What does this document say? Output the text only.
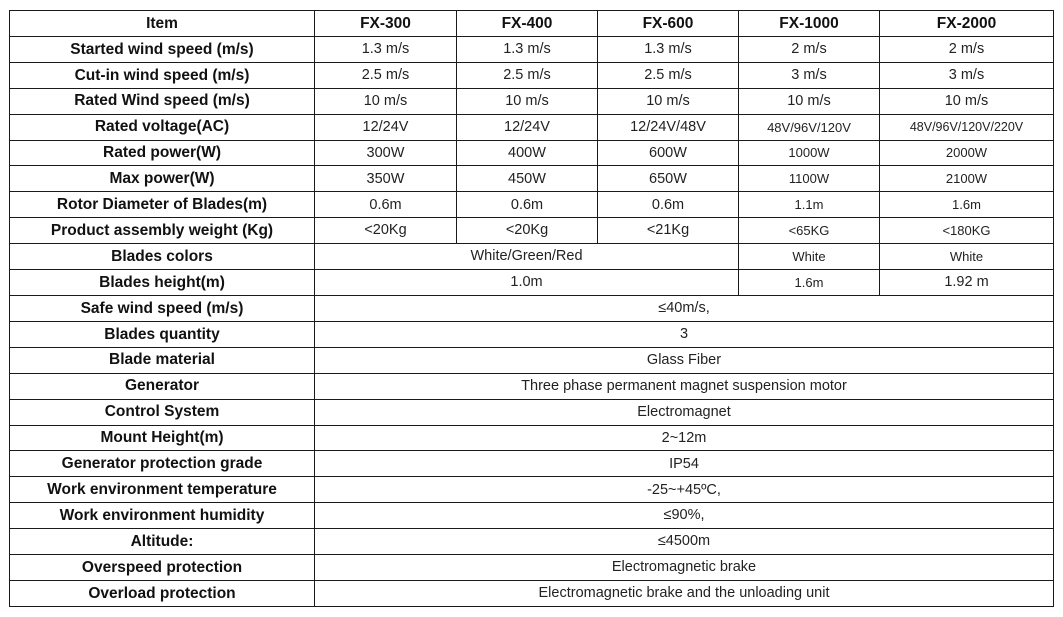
Item	FX-300	FX-400	FX-600	FX-1000	FX-2000
Started wind speed (m/s)	1.3 m/s	1.3 m/s	1.3 m/s	2 m/s	2 m/s
Cut-in wind speed (m/s)	2.5 m/s	2.5 m/s	2.5 m/s	3 m/s	3 m/s
Rated Wind speed (m/s)	10 m/s	10 m/s	10 m/s	10 m/s	10 m/s
Rated voltage(AC)	12/24V	12/24V	12/24V/48V	48V/96V/120V	48V/96V/120V/220V
Rated power(W)	300W	400W	600W	1000W	2000W
Max power(W)	350W	450W	650W	1100W	2100W
Rotor Diameter of Blades(m)	0.6m	0.6m	0.6m	1.1m	1.6m
Product assembly weight (Kg)	<20Kg	<20Kg	<21Kg	<65KG	<180KG
Blades colors	White/Green/Red			White	White
Blades height(m)	1.0m			1.6m	1.92 m
Safe wind speed (m/s)	≤40m/s,				
Blades quantity	3				
Blade material	Glass Fiber				
Generator	Three phase permanent magnet suspension motor				
Control System	Electromagnet				
Mount Height(m)	2~12m				
Generator protection grade	IP54				
Work environment temperature	-25~+45ºC,				
Work environment humidity	≤90%,				
Altitude:	≤4500m				
Overspeed protection	Electromagnetic brake				
Overload protection	Electromagnetic brake and the unloading unit				
